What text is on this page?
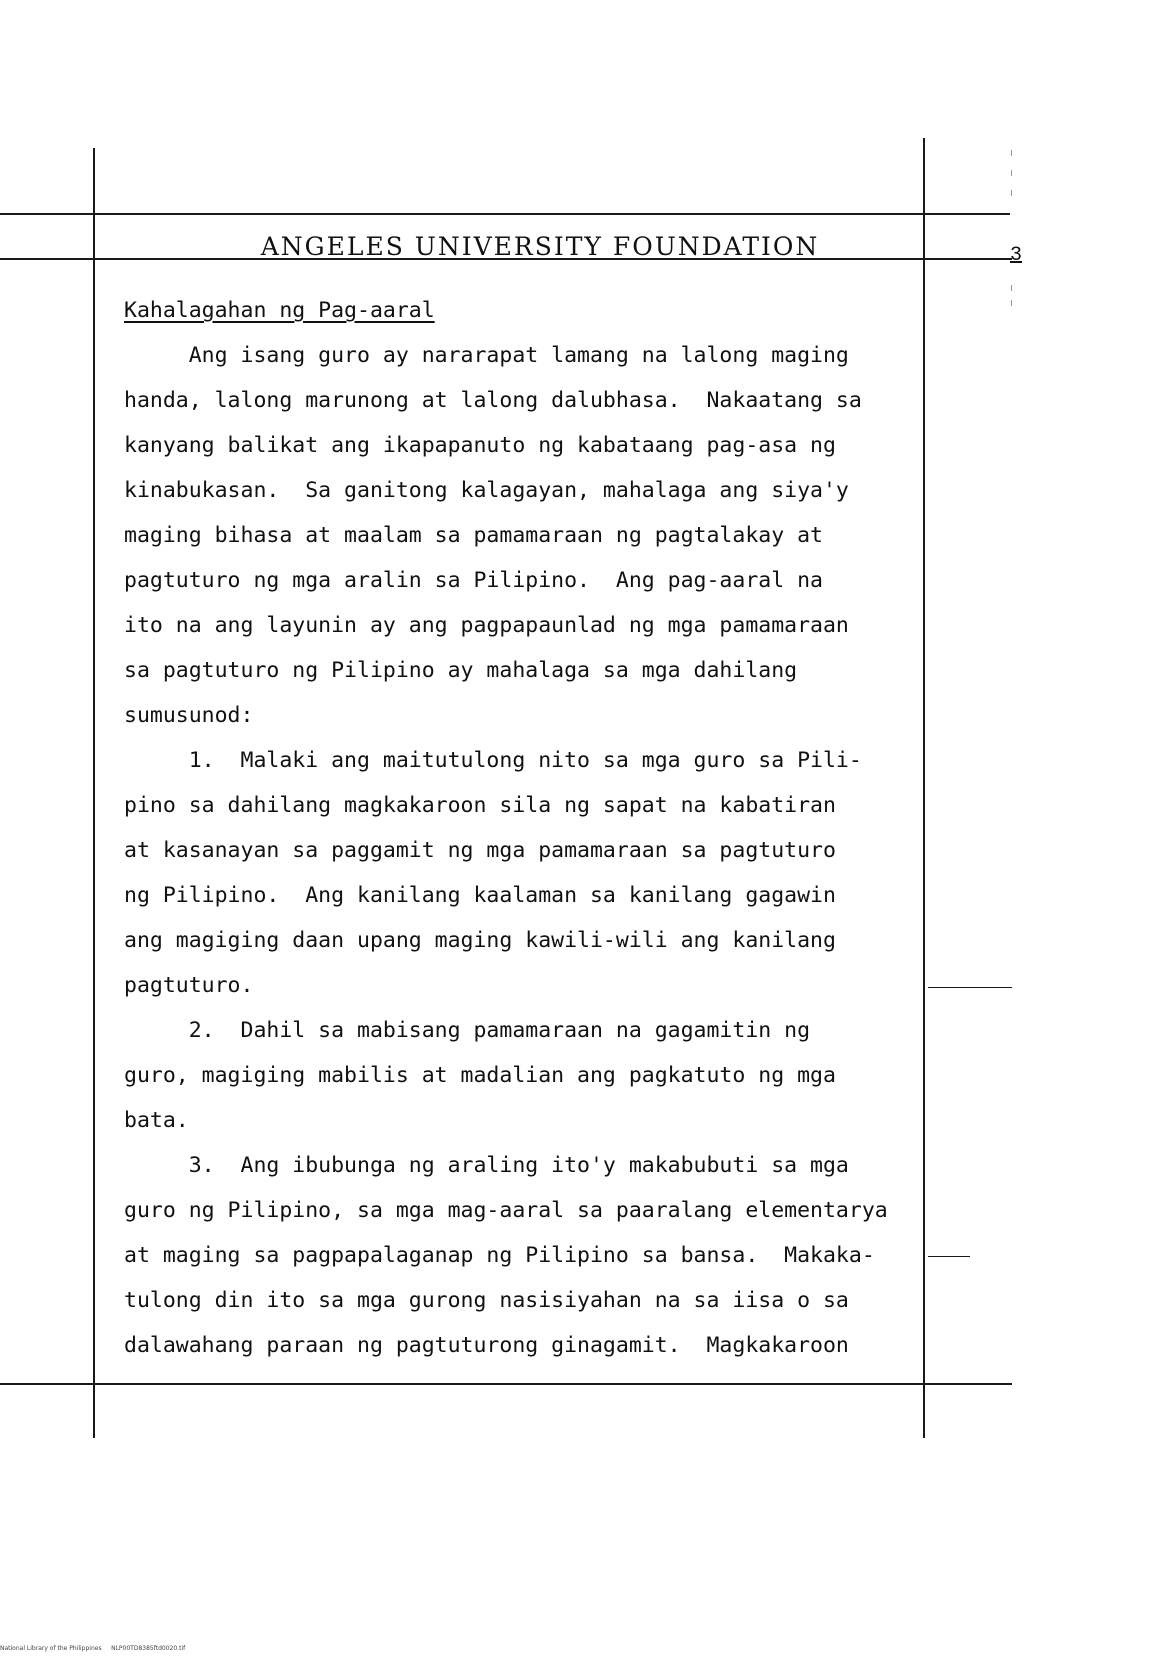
ANGELES UNIVERSITY FOUNDATION	3
Kahalagahan ng Pag-aaral
Ang isang guro ay nararapat lamang na lalong maging
handa, lalong marunong at lalong dalubhasa.  Nakaatang sa
kanyang balikat ang ikapapanuto ng kabataang pag-asa ng
kinabukasan.  Sa ganitong kalagayan, mahalaga ang siya'y
maging bihasa at maalam sa pamamaraan ng pagtalakay at
pagtuturo ng mga aralin sa Pilipino.  Ang pag-aaral na
ito na ang layunin ay ang pagpapaunlad ng mga pamamaraan
sa pagtuturo ng Pilipino ay mahalaga sa mga dahilang
sumusunod:
1.  Malaki ang maitutulong nito sa mga guro sa Pili-
pino sa dahilang magkakaroon sila ng sapat na kabatiran
at kasanayan sa paggamit ng mga pamamaraan sa pagtuturo
ng Pilipino.  Ang kanilang kaalaman sa kanilang gagawin
ang magiging daan upang maging kawili-wili ang kanilang
pagtuturo.
2.  Dahil sa mabisang pamamaraan na gagamitin ng
guro, magiging mabilis at madalian ang pagkatuto ng mga
bata.
3.  Ang ibubunga ng araling ito'y makabubuti sa mga
guro ng Pilipino, sa mga mag-aaral sa paaralang elementarya
at maging sa pagpapalaganap ng Pilipino sa bansa.  Makaka-
tulong din ito sa mga gurong nasisiyahan na sa iisa o sa
dalawahang paraan ng pagtuturong ginagamit.  Magkakaroon
National Library of the Philippines     NLP00TD8385ftd0020.tif
